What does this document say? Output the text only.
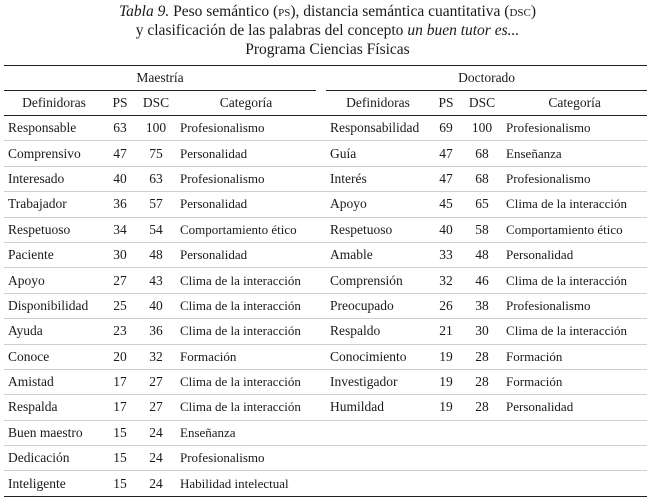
Tabla 9. Peso semántico (ps), distancia semántica cuantitativa (dsc)
y clasificación de las palabras del concepto un buen tutor es...
Programa Ciencias Físicas
Maestría					Doctorado			
Definidoras	PS	DSC	Categoría		Definidoras	PS	DSC	Categoría
Responsable	63	100	Profesionalismo		Responsabilidad	69	100	Profesionalismo
Comprensivo	47	75	Personalidad		Guía	47	68	Enseñanza
Interesado	40	63	Profesionalismo		Interés	47	68	Profesionalismo
Trabajador	36	57	Personalidad		Apoyo	45	65	Clima de la interacción
Respetuoso	34	54	Comportamiento ético		Respetuoso	40	58	Comportamiento ético
Paciente	30	48	Personalidad		Amable	33	48	Personalidad
Apoyo	27	43	Clima de la interacción		Comprensión	32	46	Clima de la interacción
Disponibilidad	25	40	Clima de la interacción		Preocupado	26	38	Profesionalismo
Ayuda	23	36	Clima de la interacción		Respaldo	21	30	Clima de la interacción
Conoce	20	32	Formación		Conocimiento	19	28	Formación
Amistad	17	27	Clima de la interacción		Investigador	19	28	Formación
Respalda	17	27	Clima de la interacción		Humildad	19	28	Personalidad
Buen maestro	15	24	Enseñanza					
Dedicación	15	24	Profesionalismo					
Inteligente	15	24	Habilidad intelectual					
